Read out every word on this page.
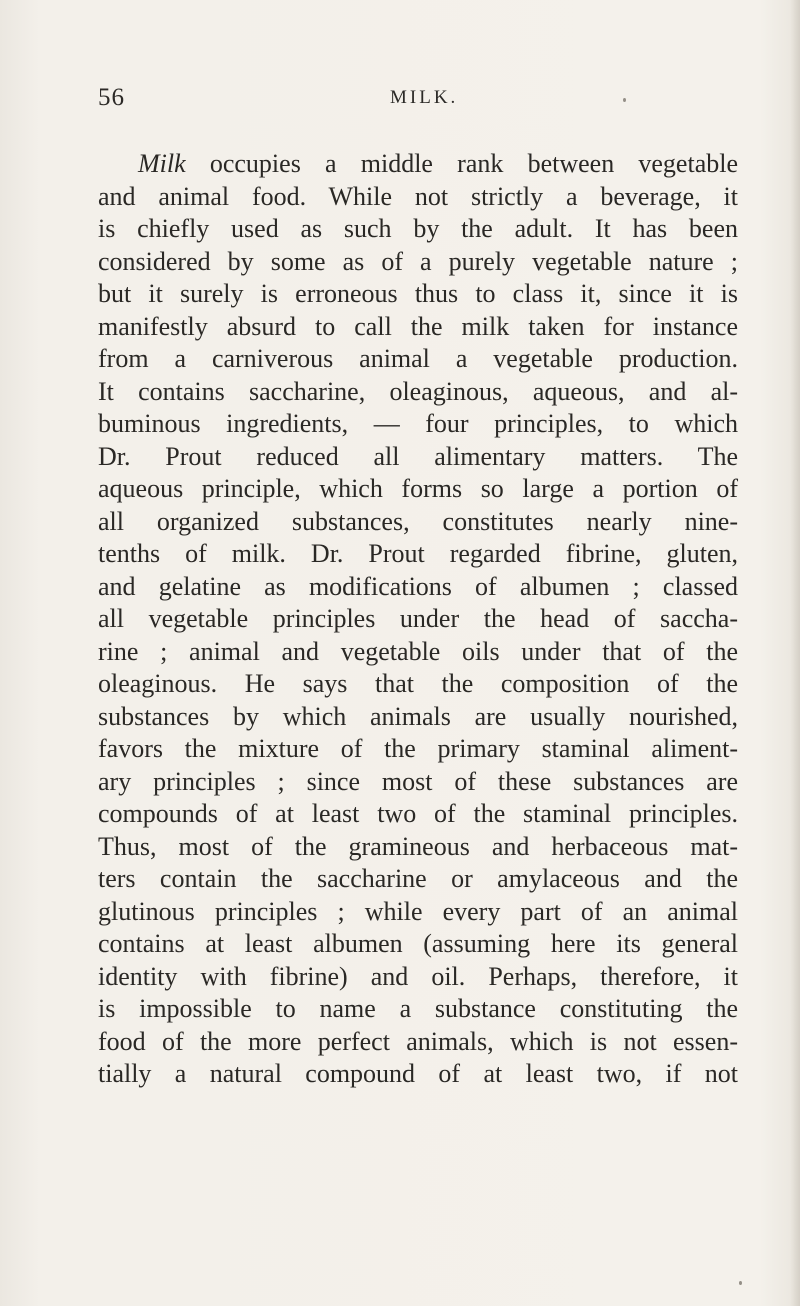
56	MILK.
Milk occupies a middle rank between vegetable
and animal food. While not strictly a beverage, it
is chiefly used as such by the adult. It has been
considered by some as of a purely vegetable nature ;
but it surely is erroneous thus to class it, since it is
manifestly absurd to call the milk taken for instance
from a carniverous animal a vegetable production.
It contains saccharine, oleaginous, aqueous, and al-
buminous ingredients, — four principles, to which
Dr. Prout reduced all alimentary matters. The
aqueous principle, which forms so large a portion of
all organized substances, constitutes nearly nine-
tenths of milk. Dr. Prout regarded fibrine, gluten,
and gelatine as modifications of albumen ; classed
all vegetable principles under the head of saccha-
rine ; animal and vegetable oils under that of the
oleaginous. He says that the composition of the
substances by which animals are usually nourished,
favors the mixture of the primary staminal aliment-
ary principles ; since most of these substances are
compounds of at least two of the staminal principles.
Thus, most of the gramineous and herbaceous mat-
ters contain the saccharine or amylaceous and the
glutinous principles ; while every part of an animal
contains at least albumen (assuming here its general
identity with fibrine) and oil. Perhaps, therefore, it
is impossible to name a substance constituting the
food of the more perfect animals, which is not essen-
tially a natural compound of at least two, if not
